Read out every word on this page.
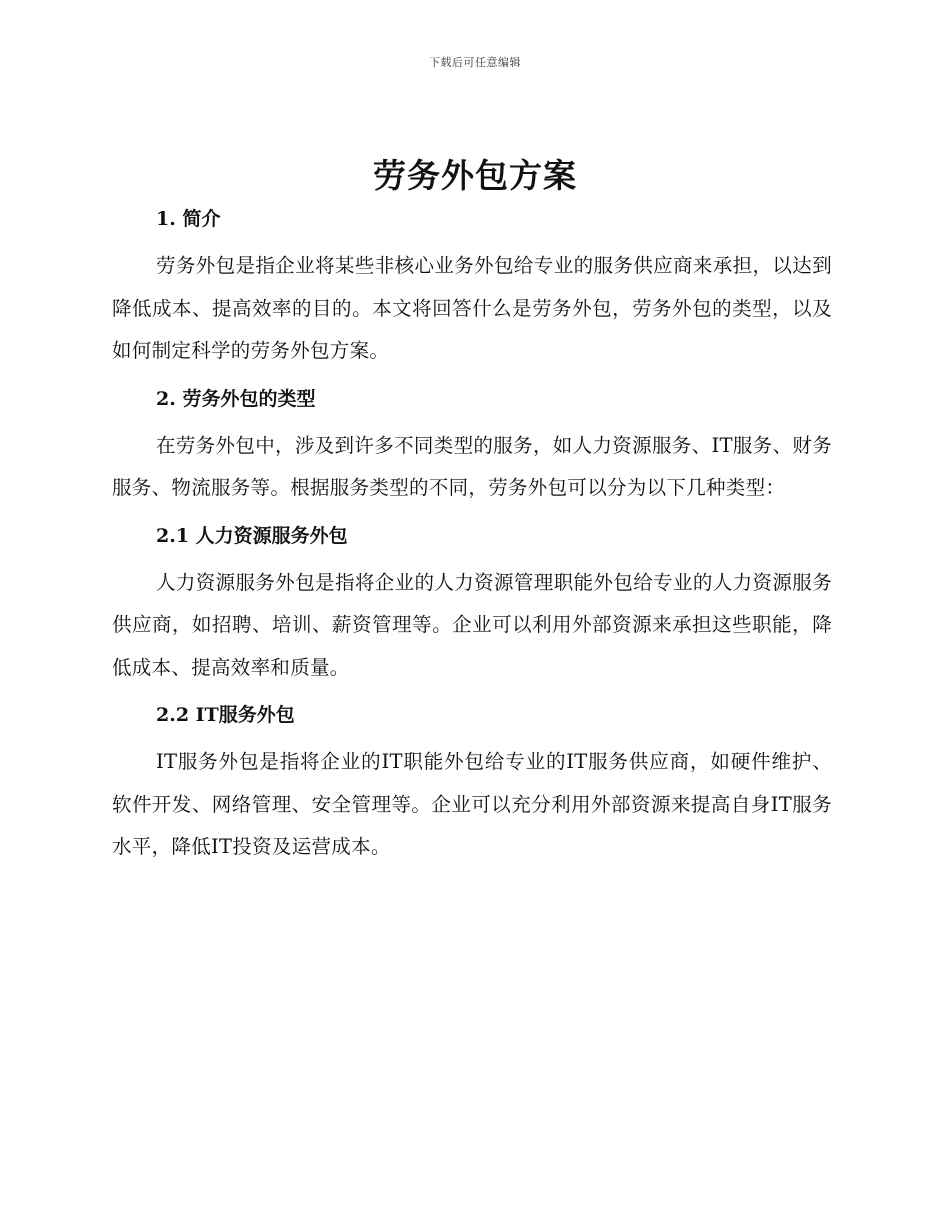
下载后可任意编辑
劳务外包方案
1. 简介

劳务外包是指企业将某些非核心业务外包给专业的服务供应商来承担，以达到降低成本、提高效率的目的。本文将回答什么是劳务外包，劳务外包的类型，以及如何制定科学的劳务外包方案。

2. 劳务外包的类型

在劳务外包中，涉及到许多不同类型的服务，如人力资源服务、IT服务、财务服务、物流服务等。根据服务类型的不同，劳务外包可以分为以下几种类型：

2.1 人力资源服务外包

人力资源服务外包是指将企业的人力资源管理职能外包给专业的人力资源服务供应商，如招聘、培训、薪资管理等。企业可以利用外部资源来承担这些职能，降低成本、提高效率和质量。

2.2 IT服务外包

IT服务外包是指将企业的IT职能外包给专业的IT服务供应商，如硬件维护、软件开发、网络管理、安全管理等。企业可以充分利用外部资源来提高自身IT服务水平，降低IT投资及运营成本。
